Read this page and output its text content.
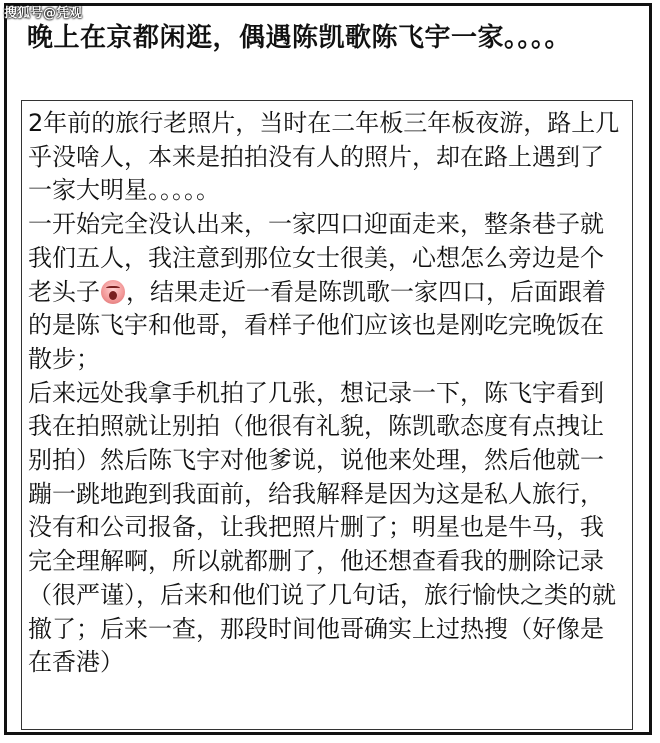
搜狐号@凭观
晚上在京都闲逛，偶遇陈凯歌陈飞宇一家。。。。

2年前的旅行老照片，当时在二年板三年板夜游，路上几乎没啥人，本来是拍拍没有人的照片，却在路上遇到了一家大明星。。。。。

一开始完全没认出来，一家四口迎面走来，整条巷子就我们五人，我注意到那位女士很美，心想怎么旁边是个老头子 ，结果走近一看是陈凯歌一家四口，后面跟着的是陈飞宇和他哥，看样子他们应该也是刚吃完晚饭在散步；

后来远处我拿手机拍了几张，想记录一下，陈飞宇看到我在拍照就让别拍（他很有礼貌，陈凯歌态度有点拽让别拍）然后陈飞宇对他爹说，说他来处理，然后他就一蹦一跳地跑到我面前，给我解释是因为这是私人旅行，没有和公司报备，让我把照片删了；明星也是牛马，我完全理解啊，所以就都删了，他还想查看我的删除记录（很严谨），后来和他们说了几句话，旅行愉快之类的就撤了；后来一查，那段时间他哥确实上过热搜（好像是在香港）
